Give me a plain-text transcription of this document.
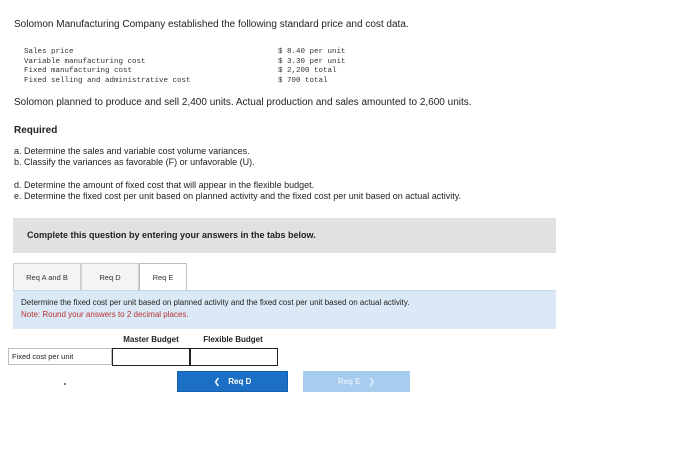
Solomon Manufacturing Company established the following standard price and cost data.
Sales price	$ 8.40 per unit
Variable manufacturing cost	$ 3.30 per unit
Fixed manufacturing cost	$ 2,200 total
Fixed selling and administrative cost	$ 700 total
Solomon planned to produce and sell 2,400 units. Actual production and sales amounted to 2,600 units.
Required
a. Determine the sales and variable cost volume variances.
b. Classify the variances as favorable (F) or unfavorable (U).
d. Determine the amount of fixed cost that will appear in the flexible budget.
e. Determine the fixed cost per unit based on planned activity and the fixed cost per unit based on actual activity.
Complete this question by entering your answers in the tabs below.
Req A and B	Req D	Req E
Determine the fixed cost per unit based on planned activity and the fixed cost per unit based on actual activity.
Note: Round your answers to 2 decimal places.
Master Budget	Flexible Budget
Fixed cost per unit
❮ Req D	Req E ❯
